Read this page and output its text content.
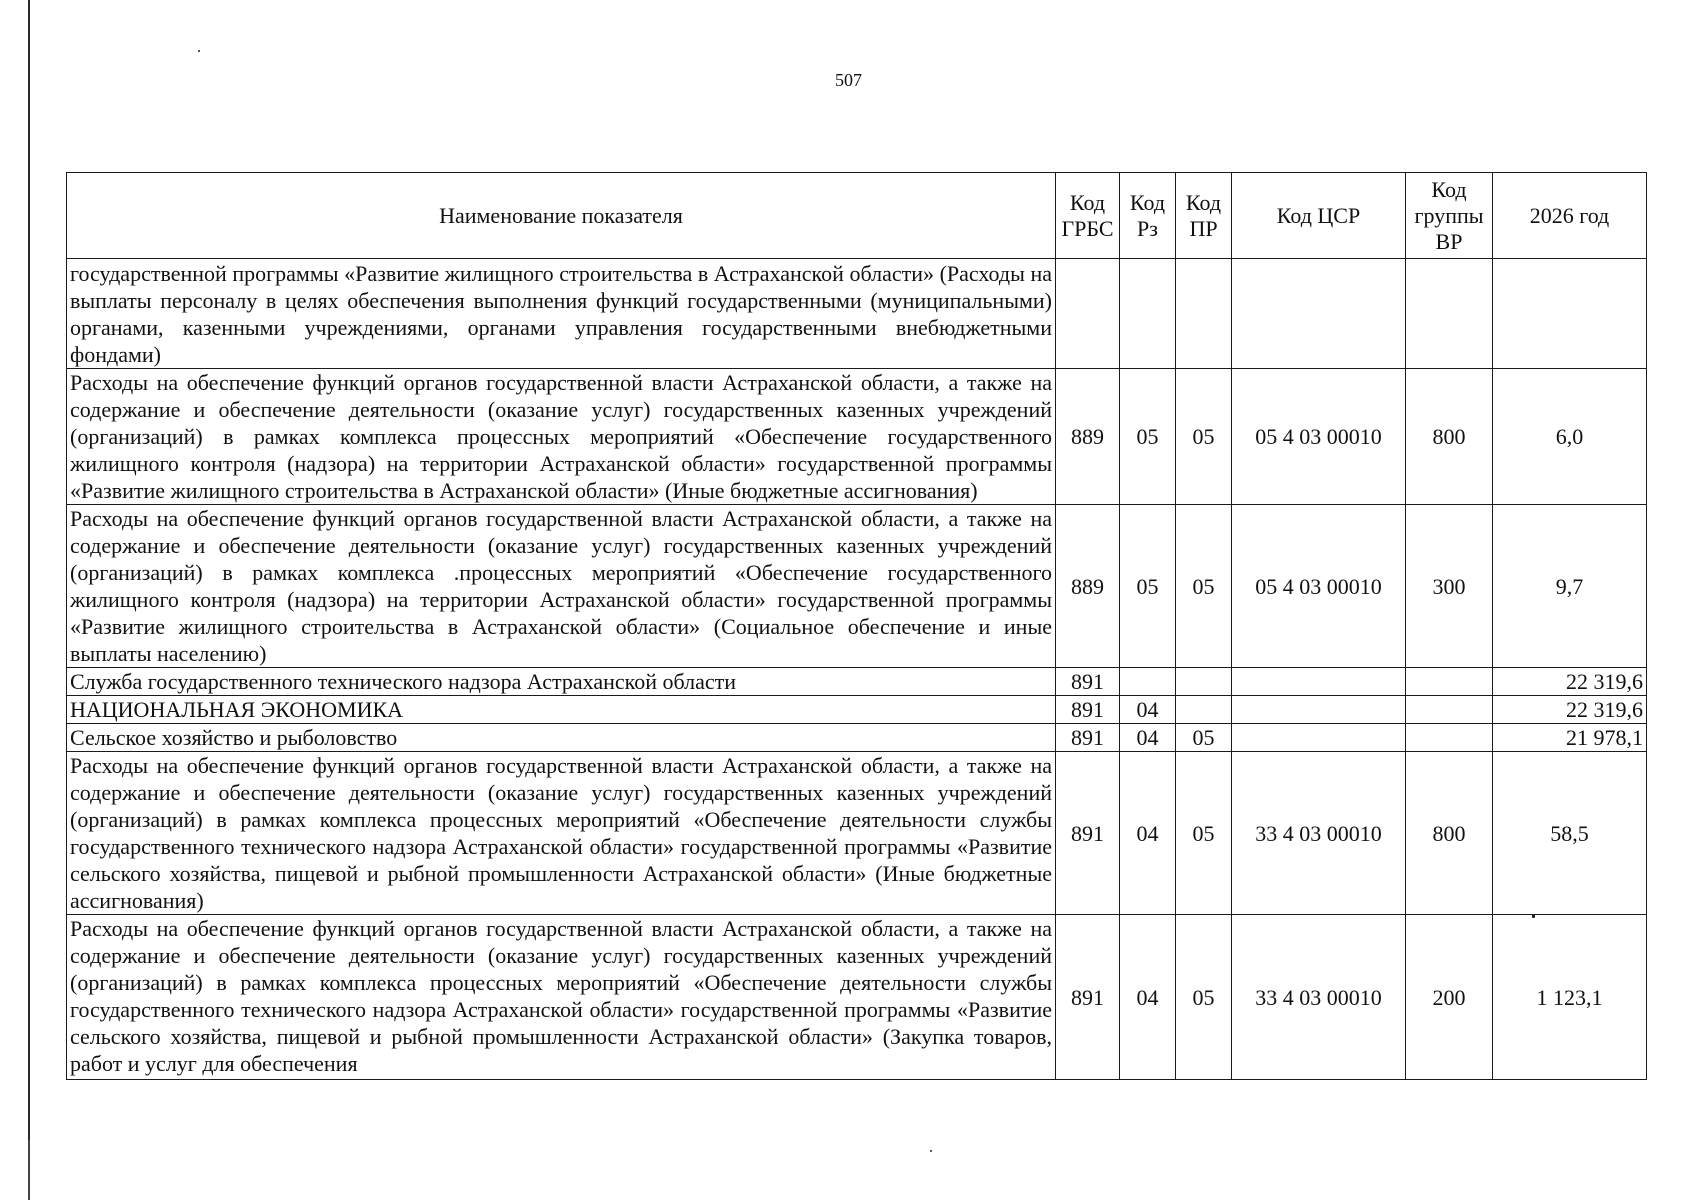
507
Наименование показателя	Код ГРБС	Код Рз	Код ПР	Код ЦСР	Код группы ВР	2026 год
государственной программы «Развитие жилищного строительства в Астраханской области» (Расходы на выплаты персоналу в целях обеспечения выполнения функций государственными (муниципальными) органами, казенными учреждениями, органами управления государственными внебюджетными фондами)						
Расходы на обеспечение функций органов государственной власти Астраханской области, а также на содержание и обеспечение деятельности (оказание услуг) государственных казенных учреждений (организаций) в рамках комплекса процессных мероприятий «Обеспечение государственного жилищного контроля (надзора) на территории Астраханской области» государственной программы «Развитие жилищного строительства в Астраханской области» (Иные бюджетные ассигнования)	889	05	05	05 4 03 00010	800	6,0
Расходы на обеспечение функций органов государственной власти Астраханской области, а также на содержание и обеспечение деятельности (оказание услуг) государственных казенных учреждений (организаций) в рамках комплекса .процессных мероприятий «Обеспечение государственного жилищного контроля (надзора) на территории Астраханской области» государственной программы «Развитие жилищного строительства в Астраханской области» (Социальное обеспечение и иные выплаты населению)	889	05	05	05 4 03 00010	300	9,7
Служба государственного технического надзора Астраханской области	891					22 319,6
НАЦИОНАЛЬНАЯ ЭКОНОМИКА	891	04				22 319,6
Сельское хозяйство и рыболовство	891	04	05			21 978,1
Расходы на обеспечение функций органов государственной власти Астраханской области, а также на содержание и обеспечение деятельности (оказание услуг) государственных казенных учреждений (организаций) в рамках комплекса процессных мероприятий «Обеспечение деятельности службы государственного технического надзора Астраханской области» государственной программы «Развитие сельского хозяйства, пищевой и рыбной промышленности Астраханской области» (Иные бюджетные ассигнования)	891	04	05	33 4 03 00010	800	58,5

Расходы на обеспечение функций органов государственной власти Астраханской области, а также на содержание и обеспечение деятельности (оказание услуг) государственных казенных учреждений (организаций) в рамках комплекса процессных мероприятий «Обеспечение деятельности службы государственного технического надзора Астраханской области» государственной программы «Развитие сельского хозяйства, пищевой и рыбной промышленности Астраханской области» (Закупка товаров, работ и услуг для обеспечения	891	04	05	33 4 03 00010	200	1 123,1
